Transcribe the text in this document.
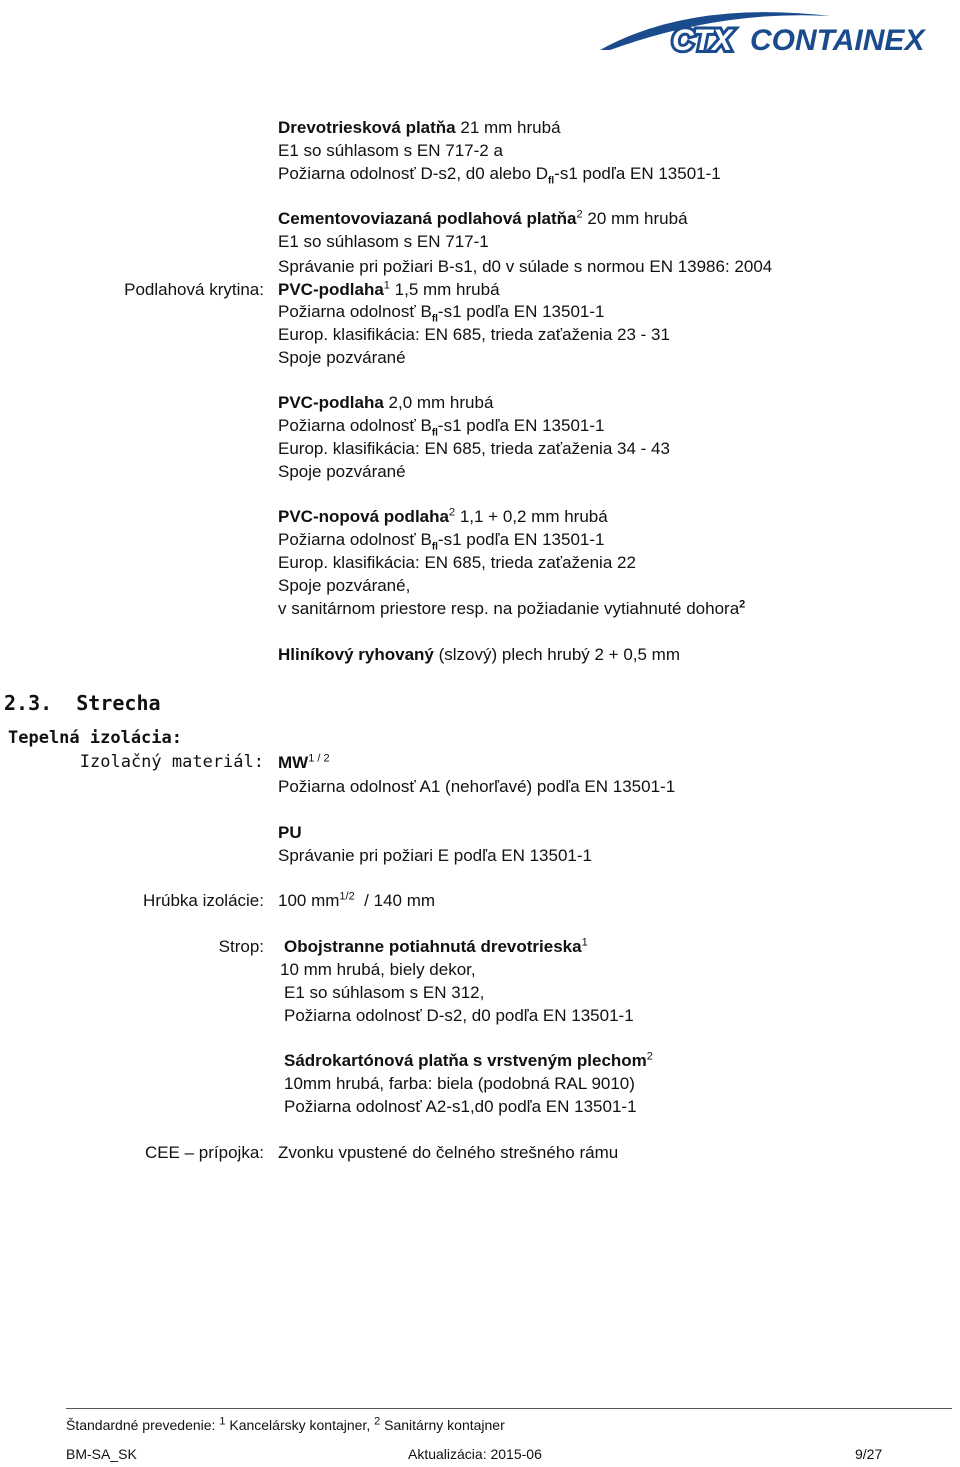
CTX CONTAINEX
Podlahová krytina:
Drevotriesková platňa 21 mm hrubá
E1 so súhlasom s EN 717-2 a
Požiarna odolnosť D-s2, d0 alebo $D_{fl}-s1$ podľa EN 13501-1
Cementovoviazaná podlahová platňa$^2$ 20 mm hrubá
E1 so súhlasom s EN 717-1
Správanie pri požiari B-s1, d0 v súlade s normou EN 13986: 2004
PVC-podlaha$^1$ 1,5 mm hrubá
Požiarna odolnosť $B_{fl}-s1$ podľa EN 13501-1
Europ. klasifikácia: EN 685, trieda zaťaženia 23 - 31
Spoje pozvárané
PVC-podlaha 2,0 mm hrubá
Požiarna odolnosť $B_{fl}-s1$ podľa EN 13501-1
Europ. klasifikácia: EN 685, trieda zaťaženia 34 - 43
Spoje pozvárané
PVC-nopová podlaha$^2$ 1,1 + 0,2 mm hrubá
Požiarna odolnosť $B_{fl}-s1$ podľa EN 13501-1
Europ. klasifikácia: EN 685, trieda zaťaženia 22
Spoje pozvárané,
v sanitárnom priestore resp. na požiadanie vytiahnuté dohora$^2$
Hliníkový ryhovaný (slzový) plech hrubý 2 + 0,5 mm
2.3. Strecha
Tepelná izolácia:
Izolačný materiál: $MW^{1 / 2}$
Požiarna odolnosť A1 (nehorľavé) podľa EN 13501-1
PU
Správanie pri požiari E podľa EN 13501-1
Hrúbka izolácie: 100 $mm^{1/2} / 140$ mm
Strop: Obojstranne potiahnutá drevotrieska$^1$
10 mm hrubá, biely dekor,
E1 so súhlasom s EN 312,
Požiarna odolnosť D-s2, d0 podľa EN 13501-1
Sádrokartónová platňa s vrstveným plechom$^2$
10mm hrubá, farba: biela (podobná RAL 9010)
Požiarna odolnosť A2-s1,d0 podľa EN 13501-1
CEE – prípojka: Zvonku vpustené do čelného strešného rámu
Štandardné prevedenie: $^1$ Kancelársky kontajner, $^2$ Sanitárny kontajner
BM-SA_SK	Aktualizácia: 2015-06	9/27
